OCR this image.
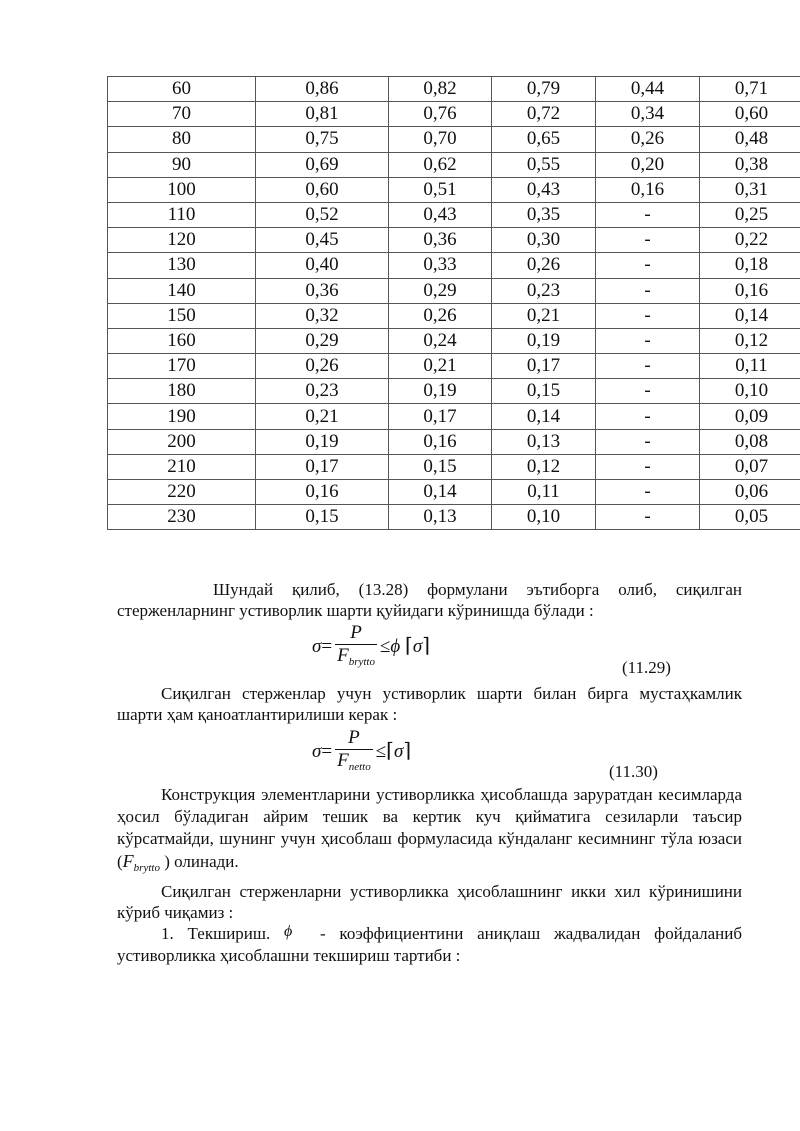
60	0,86	0,82	0,79	0,44	0,71
70	0,81	0,76	0,72	0,34	0,60
80	0,75	0,70	0,65	0,26	0,48
90	0,69	0,62	0,55	0,20	0,38
100	0,60	0,51	0,43	0,16	0,31
110	0,52	0,43	0,35	-	0,25
120	0,45	0,36	0,30	-	0,22
130	0,40	0,33	0,26	-	0,18
140	0,36	0,29	0,23	-	0,16
150	0,32	0,26	0,21	-	0,14
160	0,29	0,24	0,19	-	0,12
170	0,26	0,21	0,17	-	0,11
180	0,23	0,19	0,15	-	0,10
190	0,21	0,17	0,14	-	0,09
200	0,19	0,16	0,13	-	0,08
210	0,17	0,15	0,12	-	0,07
220	0,16	0,14	0,11	-	0,06
230	0,15	0,13	0,10	-	0,05
Шундай қилиб, (13.28) формулани эътиборга олиб, сиқилган стерженларнинг устиворлик шарти қуйидаги кўринишда бўлади :
$\sigma= \frac{P}{F_{brytto}} \le\phi$ ⌈σ⌉
(11.29)
Сиқилган стерженлар учун устиворлик шарти билан бирга мустаҳкамлик шарти ҳам қаноатлантирилиши керак :
$\sigma= \frac{P}{F_{netto}}$ ≤⌈σ⌉
(11.30)
Конструкция элементларини устиворликка ҳисоблашда заруратдан кесимларда ҳосил бўладиган айрим тешик ва кертик куч қийматига сезиларли таъсир кўрсатмайди, шунинг учун ҳисоблаш формуласида кўндаланг кесимнинг тўла юзаси ($F_{brytto}$ ) олинади.
Сиқилган стерженларни устиворликка ҳисоблашнинг икки хил кўринишини кўриб чиқамиз :
1. Текшириш. ϕ - коэффициентини аниқлаш жадвалидан фойдаланиб устиворликка ҳисоблашни текшириш тартиби :
